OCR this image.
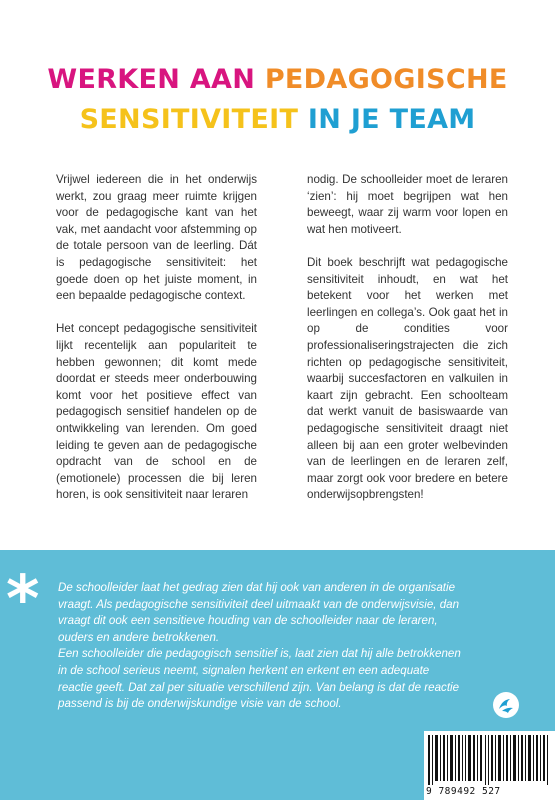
WERKEN AAN PEDAGOGISCHE
SENSITIVITEIT IN JE TEAM

Vrijwel iedereen die in het onderwijs werkt, zou graag meer ruimte krijgen voor de pedagogische kant van het vak, met aandacht voor afstemming op de totale persoon van de leerling. Dát is pedagogische sensitiviteit: het goede doen op het juiste moment, in een bepaalde pedagogische context.

Het concept pedagogische sensitiviteit lijkt recentelijk aan populariteit te hebben gewonnen; dit komt mede doordat er steeds meer onderbouwing komt voor het positieve effect van pedagogisch sensitief handelen op de ontwikkeling van lerenden. Om goed leiding te geven aan de pedagogische opdracht van de school en de (emotionele) processen die bij leren horen, is ook sensitiviteit naar leraren

nodig. De schoolleider moet de leraren ‘zien’: hij moet begrijpen wat hen beweegt, waar zij warm voor lopen en wat hen motiveert.

Dit boek beschrijft wat pedagogische sensitiviteit inhoudt, en wat het betekent voor het werken met leerlingen en collega’s. Ook gaat het in op de condities voor professionaliseringstrajecten die zich richten op pedagogische sensitiviteit, waarbij succesfactoren en valkuilen in kaart zijn gebracht. Een schoolteam dat werkt vanuit de basiswaarde van pedagogische sensitiviteit draagt niet alleen bij aan een groter welbevinden van de leerlingen en de leraren zelf, maar zorgt ook voor bredere en betere onderwijsopbrengsten!

* De schoolleider laat het gedrag zien dat hij ook van anderen in de organisatie vraagt. Als pedagogische sensitiviteit deel uitmaakt van de onderwijsvisie, dan vraagt dit ook een sensitieve houding van de schoolleider naar de leraren, ouders en andere betrokkenen.

Een schoolleider die pedagogisch sensitief is, laat zien dat hij alle betrokkenen in de school serieus neemt, signalen herkent en erkent en een adequate reactie geeft. Dat zal per situatie verschillend zijn. Van belang is dat de reactie passend is bij de onderwijskundige visie van de school.

9 789492 527
